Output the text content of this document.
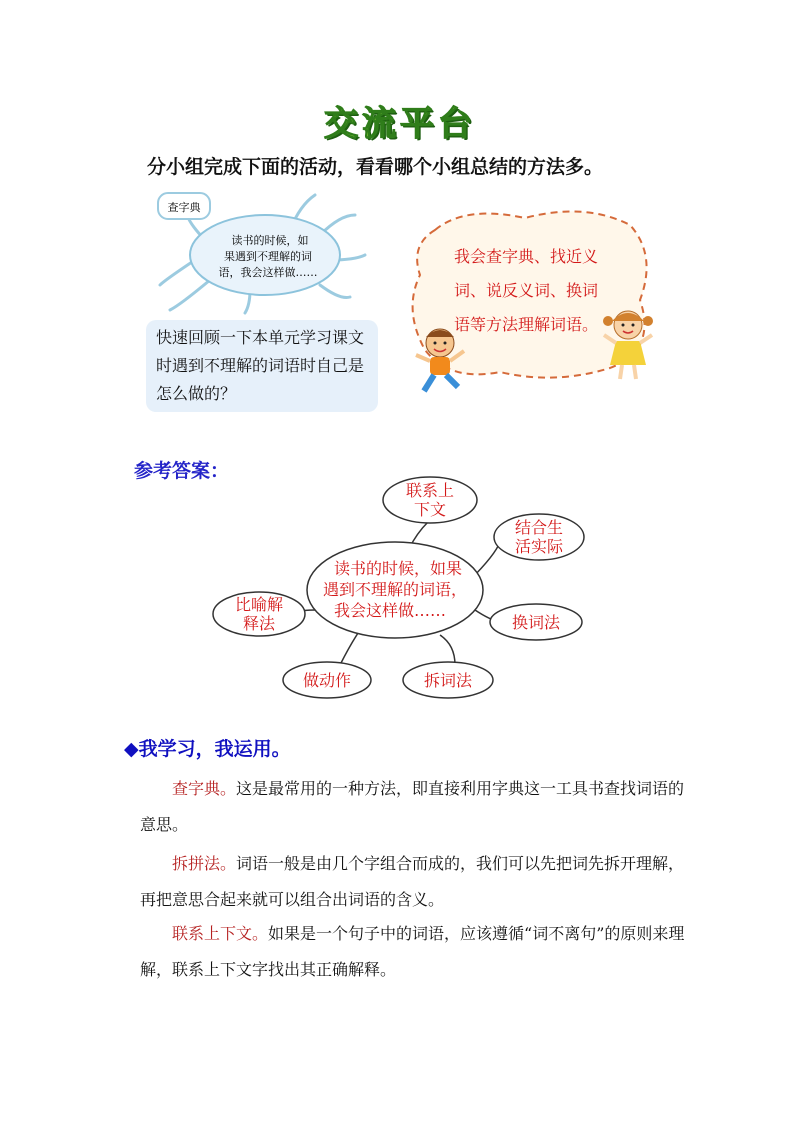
交流平台
分小组完成下面的活动，看看哪个小组总结的方法多。
查字典
读书的时候，如
果遇到不理解的词
语，我会这样做……
快速回顾一下本单元学习课文时遇到不理解的词语时自己是怎么做的？
我会查字典、找近义词、说反义词、换词语等方法理解词语。
参考答案：
读书的时候，如果
遇到不理解的词语，
我会这样做……
联系上
下文
结合生
活实际
换词法
拆词法
做动作
比喻解
释法
◆我学习，我运用。
查字典。这是最常用的一种方法，即直接利用字典这一工具书查找词语的意思。
拆拼法。词语一般是由几个字组合而成的，我们可以先把词先拆开理解，再把意思合起来就可以组合出词语的含义。
联系上下文。如果是一个句子中的词语，应该遵循“词不离句”的原则来理解，联系上下文字找出其正确解释。
